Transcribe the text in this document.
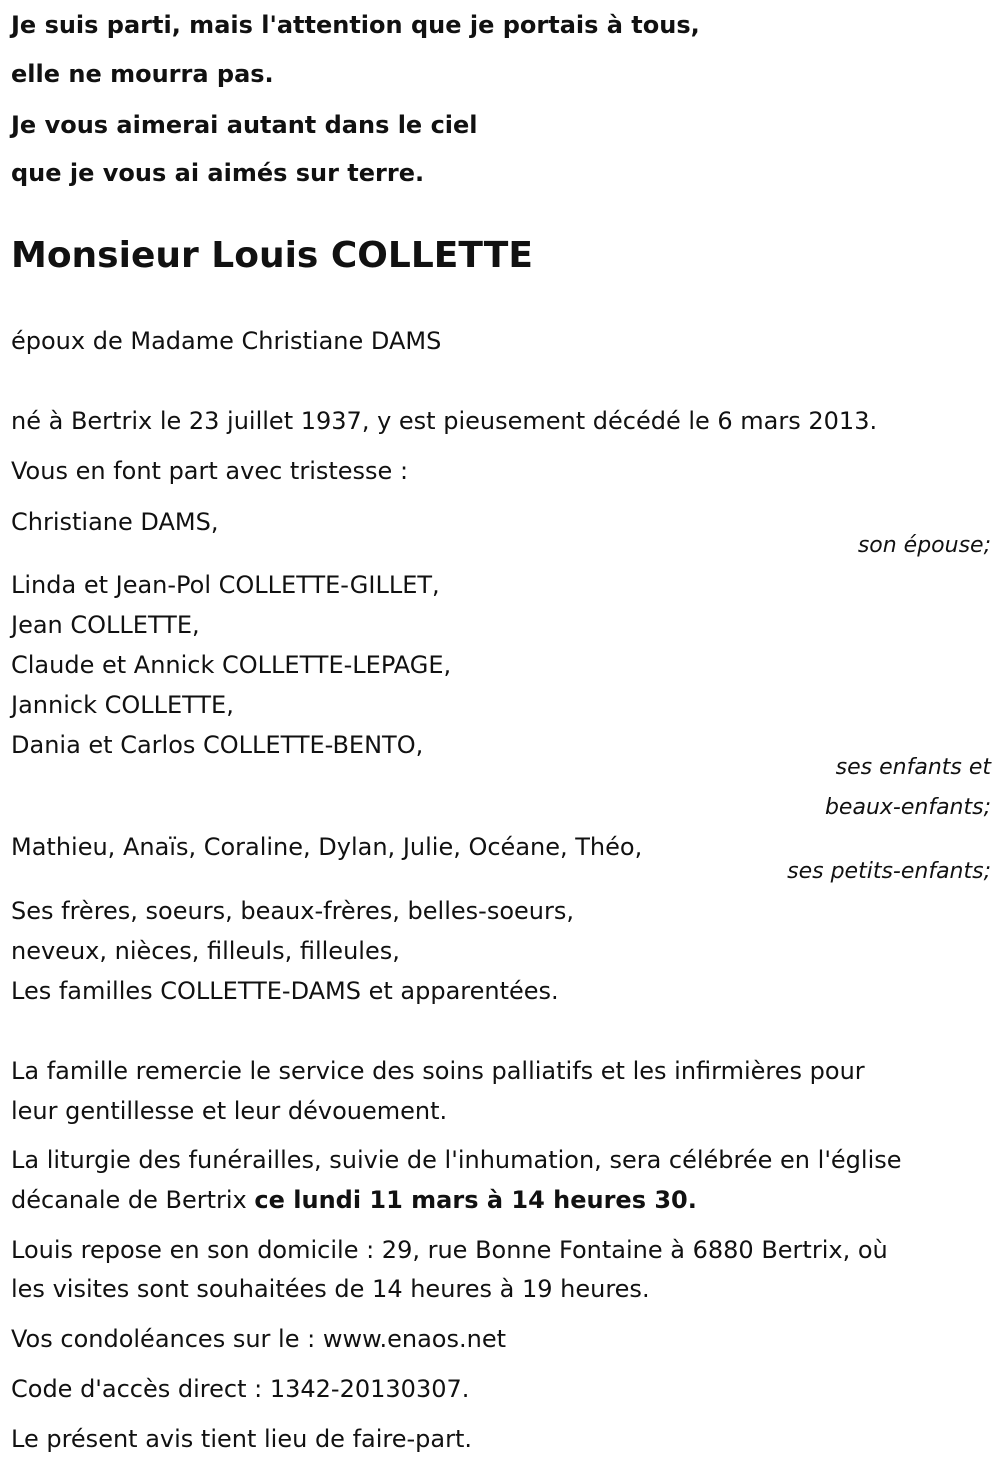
Je suis parti, mais l'attention que je portais à tous,
elle ne mourra pas.
Je vous aimerai autant dans le ciel
que je vous ai aimés sur terre.
Monsieur Louis COLLETTE
époux de Madame Christiane DAMS
né à Bertrix le 23 juillet 1937, y est pieusement décédé le 6 mars 2013.
Vous en font part avec tristesse :
Christiane DAMS,
son épouse;
Linda et Jean-Pol COLLETTE-GILLET,
Jean COLLETTE,
Claude et Annick COLLETTE-LEPAGE,
Jannick COLLETTE,
Dania et Carlos COLLETTE-BENTO,
ses enfants et
beaux-enfants;
Mathieu, Anaïs, Coraline, Dylan, Julie, Océane, Théo,
ses petits-enfants;
Ses frères, soeurs, beaux-frères, belles-soeurs,
neveux, nièces, filleuls, filleules,
Les familles COLLETTE-DAMS et apparentées.
La famille remercie le service des soins palliatifs et les infirmières pour
leur gentillesse et leur dévouement.
La liturgie des funérailles, suivie de l'inhumation, sera célébrée en l'église
décanale de Bertrix ce lundi 11 mars à 14 heures 30.
Louis repose en son domicile : 29, rue Bonne Fontaine à 6880 Bertrix, où
les visites sont souhaitées de 14 heures à 19 heures.
Vos condoléances sur le : www.enaos.net
Code d'accès direct : 1342-20130307.
Le présent avis tient lieu de faire-part.
